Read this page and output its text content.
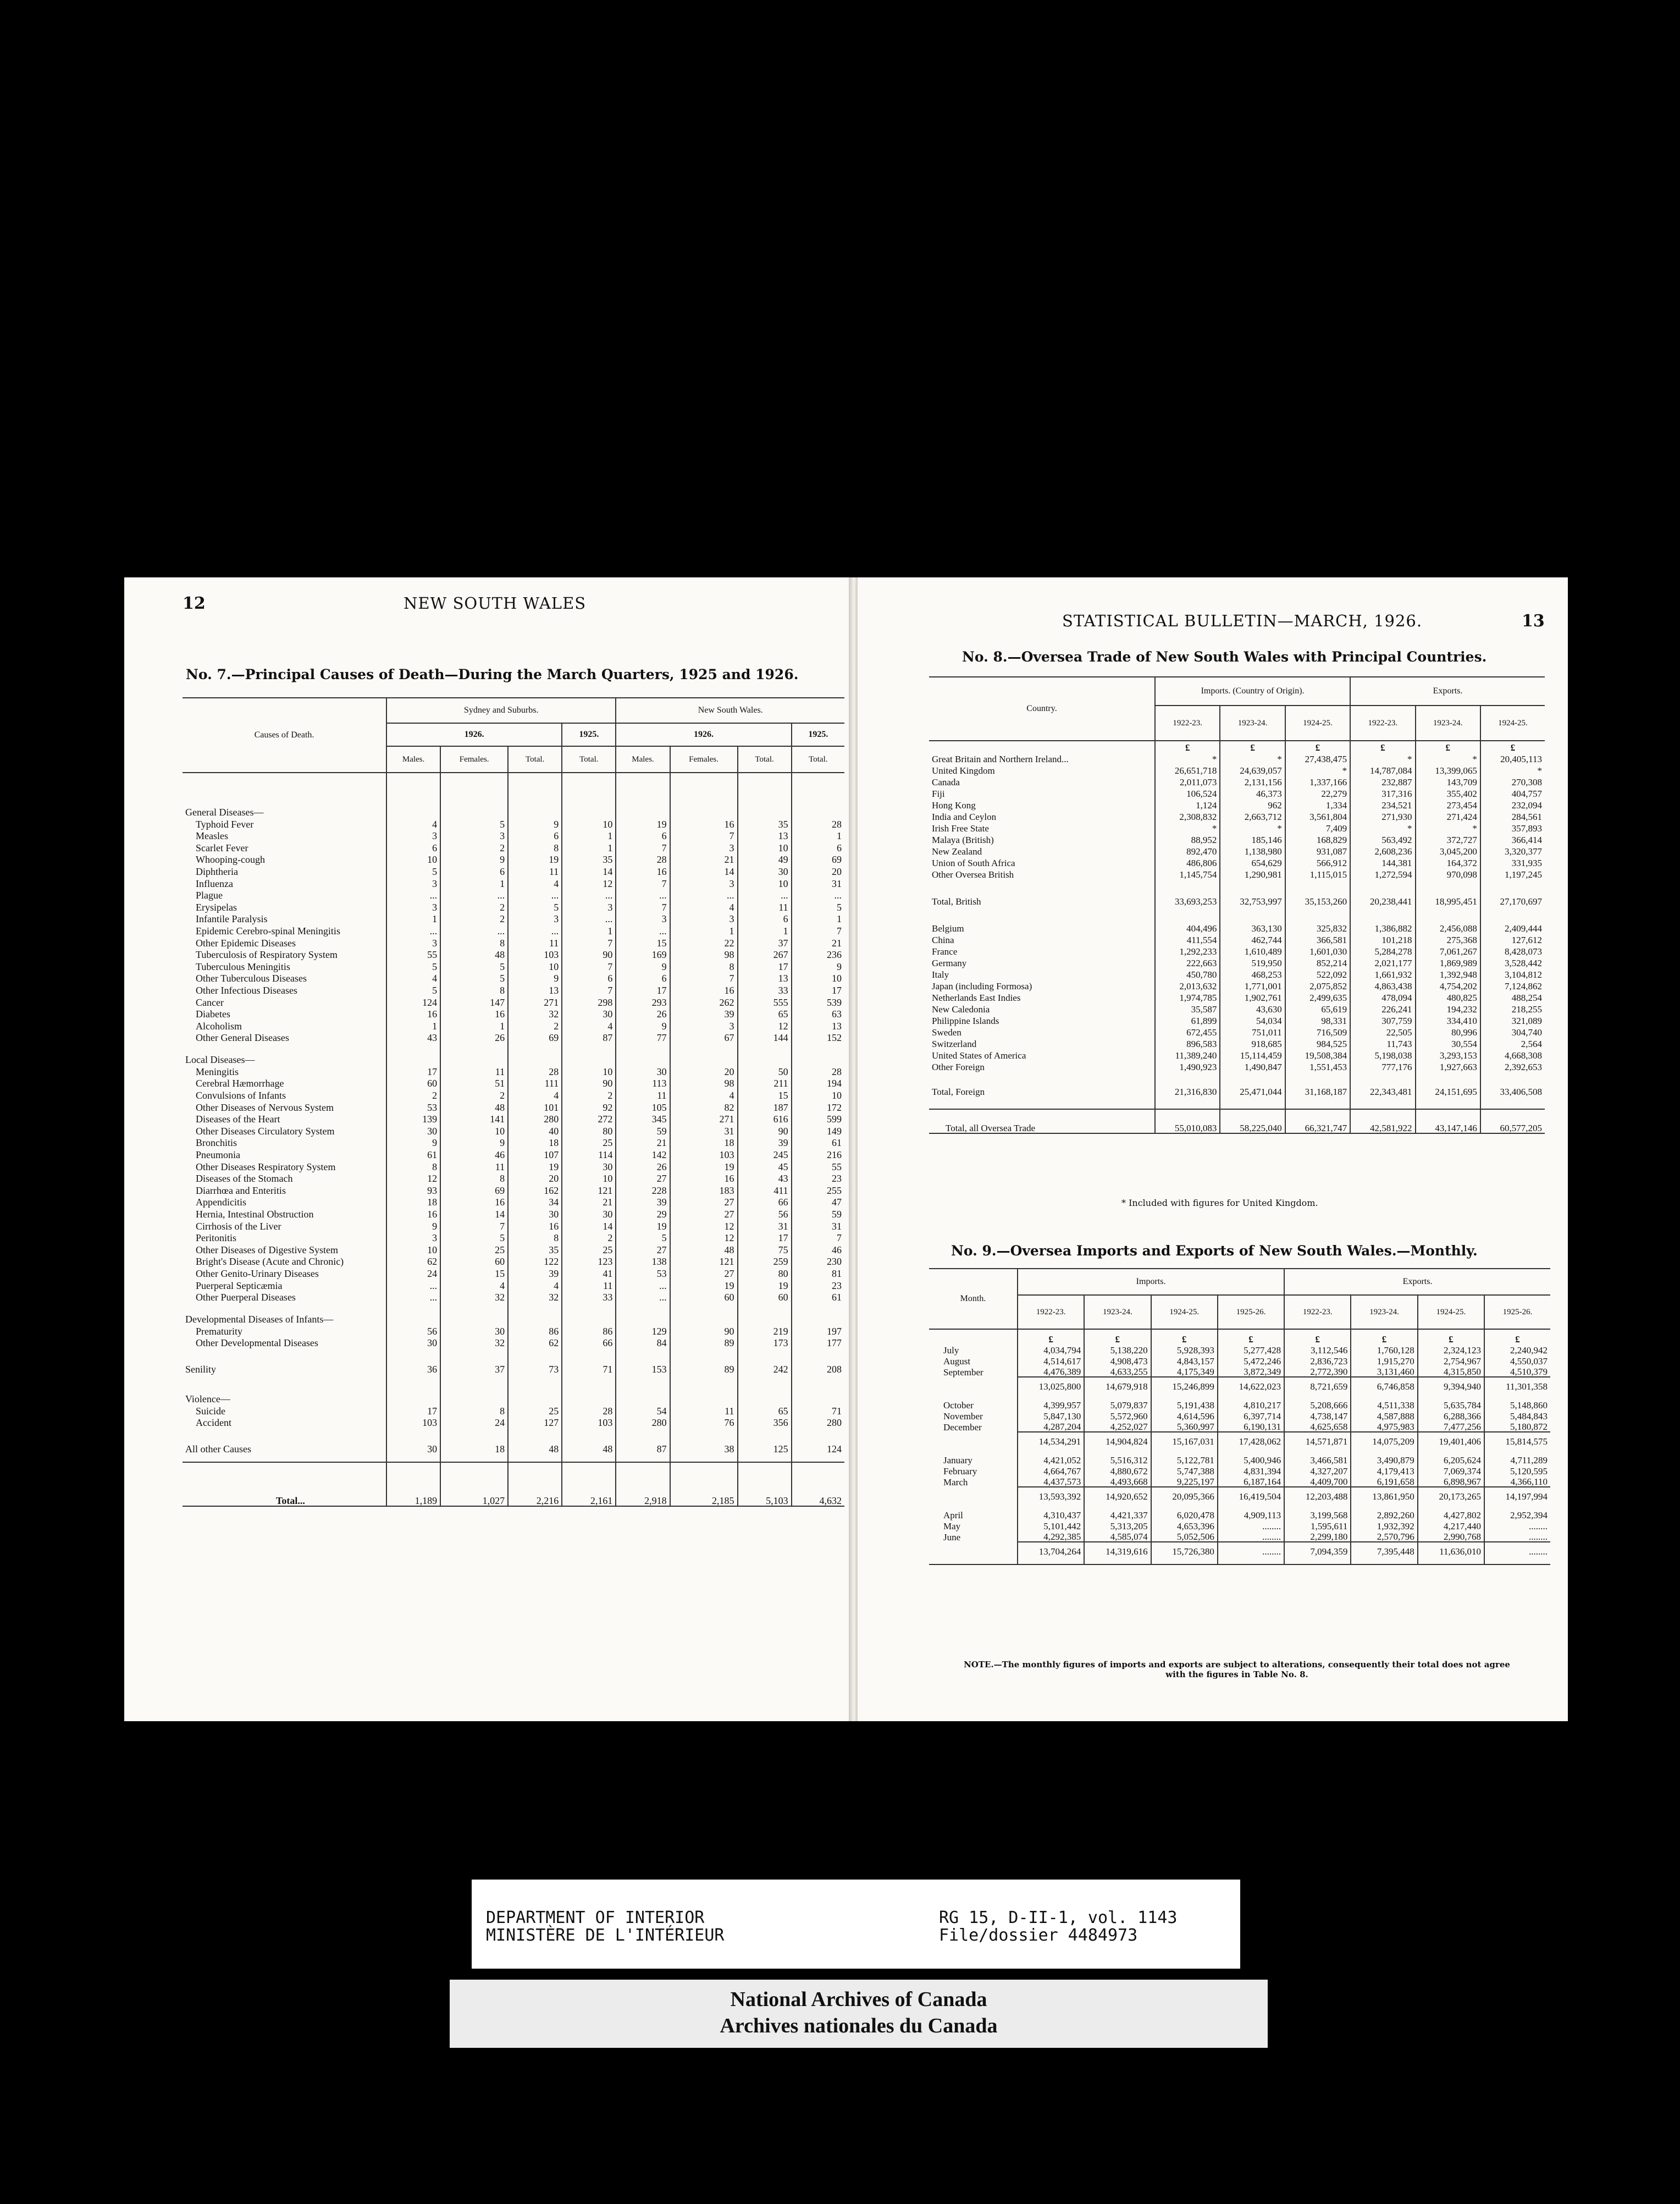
12	NEW SOUTH WALES
No. 7.—Principal Causes of Death—During the March Quarters, 1925 and 1926.
Causes of Death.	Sydney and Suburbs.				New South Wales.			
	1926.			1925.	1926.			1925.
	Males.	Females.	Total.	Total.	Males.	Females.	Total.	Total.

General Diseases—								
Typhoid Fever	4	5	9	10	19	16	35	28
Measles	3	3	6	1	6	7	13	1
Scarlet Fever	6	2	8	1	7	3	10	6
Whooping-cough	10	9	19	35	28	21	49	69
Diphtheria	5	6	11	14	16	14	30	20
Influenza	3	1	4	12	7	3	10	31
Plague	...	...	...	...	...	...	...	...
Erysipelas	3	2	5	3	7	4	11	5
Infantile Paralysis	1	2	3	...	3	3	6	1
Epidemic Cerebro-spinal Meningitis	...	...	...	1	...	1	1	7
Other Epidemic Diseases	3	8	11	7	15	22	37	21
Tuberculosis of Respiratory System	55	48	103	90	169	98	267	236
Tuberculous Meningitis	5	5	10	7	9	8	17	9
Other Tuberculous Diseases	4	5	9	6	6	7	13	10
Other Infectious Diseases	5	8	13	7	17	16	33	17
Cancer	124	147	271	298	293	262	555	539
Diabetes	16	16	32	30	26	39	65	63
Alcoholism	1	1	2	4	9	3	12	13
Other General Diseases	43	26	69	87	77	67	144	152
Local Diseases—								
Meningitis	17	11	28	10	30	20	50	28
Cerebral Hæmorrhage	60	51	111	90	113	98	211	194
Convulsions of Infants	2	2	4	2	11	4	15	10
Other Diseases of Nervous System	53	48	101	92	105	82	187	172
Diseases of the Heart	139	141	280	272	345	271	616	599
Other Diseases Circulatory System	30	10	40	80	59	31	90	149
Bronchitis	9	9	18	25	21	18	39	61
Pneumonia	61	46	107	114	142	103	245	216
Other Diseases Respiratory System	8	11	19	30	26	19	45	55
Diseases of the Stomach	12	8	20	10	27	16	43	23
Diarrhœa and Enteritis	93	69	162	121	228	183	411	255
Appendicitis	18	16	34	21	39	27	66	47
Hernia, Intestinal Obstruction	16	14	30	30	29	27	56	59
Cirrhosis of the Liver	9	7	16	14	19	12	31	31
Peritonitis	3	5	8	2	5	12	17	7
Other Diseases of Digestive System	10	25	35	25	27	48	75	46
Bright's Disease (Acute and Chronic)	62	60	122	123	138	121	259	230
Other Genito-Urinary Diseases	24	15	39	41	53	27	80	81
Puerperal Septicæmia	...	4	4	11	...	19	19	23
Other Puerperal Diseases	...	32	32	33	...	60	60	61
Developmental Diseases of Infants—								
Prematurity	56	30	86	86	129	90	219	197
Other Developmental Diseases	30	32	62	66	84	89	173	177
Senility	36	37	73	71	153	89	242	208
Violence—								
Suicide	17	8	25	28	54	11	65	71
Accident	103	24	127	103	280	76	356	280
All other Causes	30	18	48	48	87	38	125	124
Total...	1,189	1,027	2,216	2,161	2,918	2,185	5,103	4,632
STATISTICAL BULLETIN—MARCH, 1926.	13
No. 8.—Oversea Trade of New South Wales with Principal Countries.
Country.	Imports. (Country of Origin).			Exports.		
	1922-23.	1923-24.	1924-25.	1922-23.	1923-24.	1924-25.
	£	£	£	£	£	£
Great Britain and Northern Ireland...	*	*	27,438,475	*	*	20,405,113
United Kingdom	26,651,718	24,639,057	*	14,787,084	13,399,065	*
Canada	2,011,073	2,131,156	1,337,166	232,887	143,709	270,308
Fiji	106,524	46,373	22,279	317,316	355,402	404,757
Hong Kong	1,124	962	1,334	234,521	273,454	232,094
India and Ceylon	2,308,832	2,663,712	3,561,804	271,930	271,424	284,561
Irish Free State	*	*	7,409	*	*	357,893
Malaya (British)	88,952	185,146	168,829	563,492	372,727	366,414
New Zealand	892,470	1,138,980	931,087	2,608,236	3,045,200	3,320,377
Union of South Africa	486,806	654,629	566,912	144,381	164,372	331,935
Other Oversea British	1,145,754	1,290,981	1,115,015	1,272,594	970,098	1,197,245
Total, British	33,693,253	32,753,997	35,153,260	20,238,441	18,995,451	27,170,697
Belgium	404,496	363,130	325,832	1,386,882	2,456,088	2,409,444
China	411,554	462,744	366,581	101,218	275,368	127,612
France	1,292,233	1,610,489	1,601,030	5,284,278	7,061,267	8,428,073
Germany	222,663	519,950	852,214	2,021,177	1,869,989	3,528,442
Italy	450,780	468,253	522,092	1,661,932	1,392,948	3,104,812
Japan (including Formosa)	2,013,632	1,771,001	2,075,852	4,863,438	4,754,202	7,124,862
Netherlands East Indies	1,974,785	1,902,761	2,499,635	478,094	480,825	488,254
New Caledonia	35,587	43,630	65,619	226,241	194,232	218,255
Philippine Islands	61,899	54,034	98,331	307,759	334,410	321,089
Sweden	672,455	751,011	716,509	22,505	80,996	304,740
Switzerland	896,583	918,685	984,525	11,743	30,554	2,564
United States of America	11,389,240	15,114,459	19,508,384	5,198,038	3,293,153	4,668,308
Other Foreign	1,490,923	1,490,847	1,551,453	777,176	1,927,663	2,392,653
Total, Foreign	21,316,830	25,471,044	31,168,187	22,343,481	24,151,695	33,406,508
Total, all Oversea Trade	55,010,083	58,225,040	66,321,747	42,581,922	43,147,146	60,577,205
* Included with figures for United Kingdom.
No. 9.—Oversea Imports and Exports of New South Wales.—Monthly.
Month.	Imports.				Exports.			
	1922-23.	1923-24.	1924-25.	1925-26.	1922-23.	1923-24.	1924-25.	1925-26.
	£	£	£	£	£	£	£	£
July	4,034,794	5,138,220	5,928,393	5,277,428	3,112,546	1,760,128	2,324,123	2,240,942
August	4,514,617	4,908,473	4,843,157	5,472,246	2,836,723	1,915,270	2,754,967	4,550,037
September	4,476,389	4,633,255	4,175,349	3,872,349	2,772,390	3,131,460	4,315,850	4,510,379
	13,025,800	14,679,918	15,246,899	14,622,023	8,721,659	6,746,858	9,394,940	11,301,358
October	4,399,957	5,079,837	5,191,438	4,810,217	5,208,666	4,511,338	5,635,784	5,148,860
November	5,847,130	5,572,960	4,614,596	6,397,714	4,738,147	4,587,888	6,288,366	5,484,843
December	4,287,204	4,252,027	5,360,997	6,190,131	4,625,658	4,975,983	7,477,256	5,180,872
	14,534,291	14,904,824	15,167,031	17,428,062	14,571,871	14,075,209	19,401,406	15,814,575
January	4,421,052	5,516,312	5,122,781	5,400,946	3,466,581	3,490,879	6,205,624	4,711,289
February	4,664,767	4,880,672	5,747,388	4,831,394	4,327,207	4,179,413	7,069,374	5,120,595
March	4,437,573	4,493,668	9,225,197	6,187,164	4,409,700	6,191,658	6,898,967	4,366,110
	13,593,392	14,920,652	20,095,366	16,419,504	12,203,488	13,861,950	20,173,265	14,197,994
April	4,310,437	4,421,337	6,020,478	4,909,113	3,199,568	2,892,260	4,427,802	2,952,394
May	5,101,442	5,313,205	4,653,396	........	1,595,611	1,932,392	4,217,440	........
June	4,292,385	4,585,074	5,052,506	........	2,299,180	2,570,796	2,990,768	........
	13,704,264	14,319,616	15,726,380	........	7,094,359	7,395,448	11,636,010	........

NOTE.—The monthly figures of imports and exports are subject to alterations, consequently their total does not agree with the figures in Table No. 8.
DEPARTMENT OF INTERIOR
MINISTÈRE DE L'INTÉRIEUR
RG 15, D-II-1, vol. 1143
File/dossier 4484973
National Archives of Canada
Archives nationales du Canada
